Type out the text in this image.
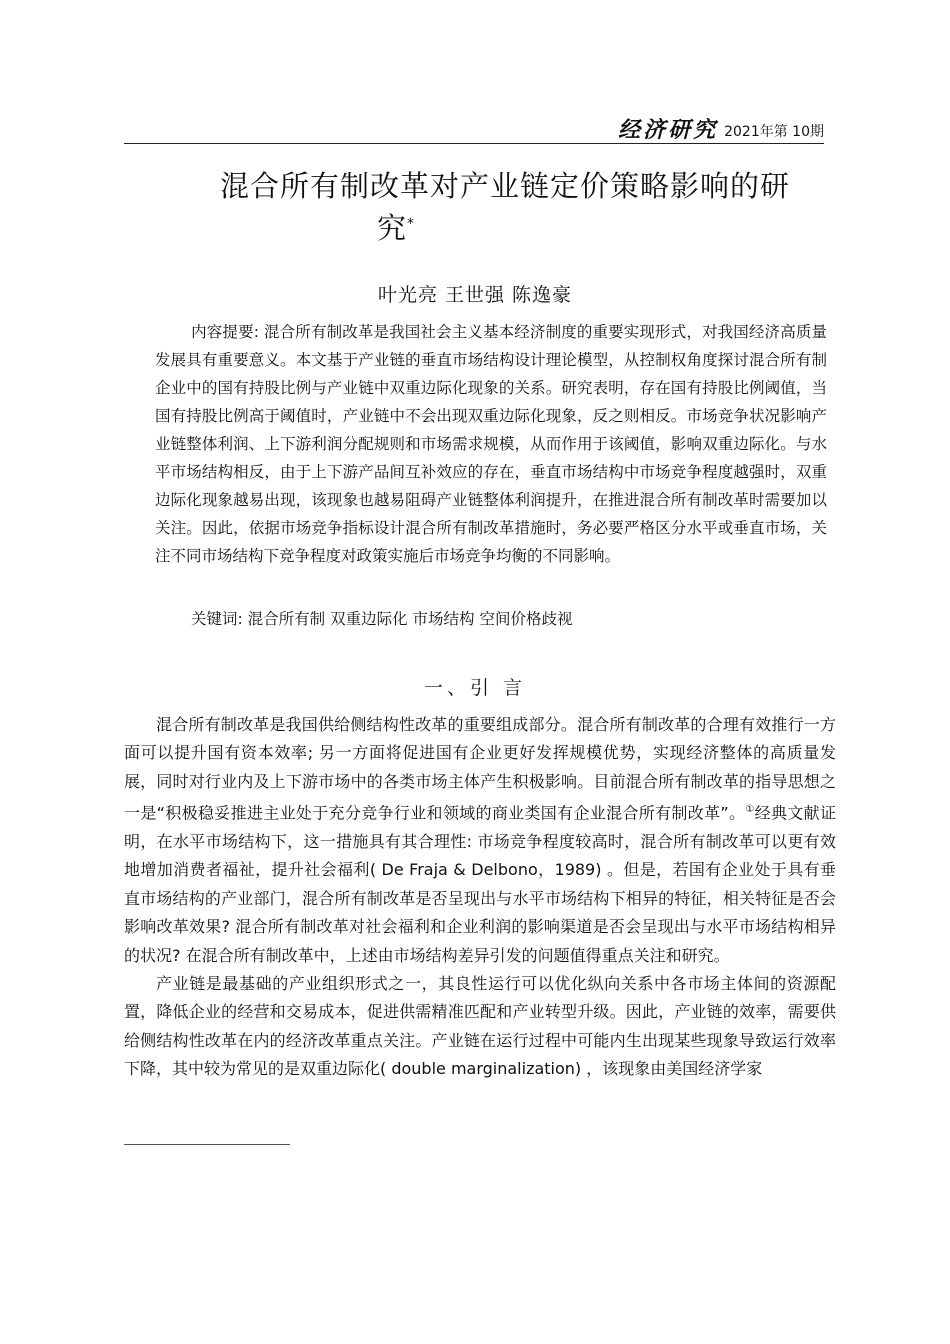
经济研究 2021年第 10期
混合所有制改革对产业链定价策略影响的研
究*
叶光亮 王世强 陈逸豪

内容提要: 混合所有制改革是我国社会主义基本经济制度的重要实现形式，对我国经济高质量发展具有重要意义。本文基于产业链的垂直市场结构设计理论模型，从控制权角度探讨混合所有制企业中的国有持股比例与产业链中双重边际化现象的关系。研究表明，存在国有持股比例阈值，当国有持股比例高于阈值时，产业链中不会出现双重边际化现象，反之则相反。市场竞争状况影响产业链整体利润、上下游利润分配规则和市场需求规模，从而作用于该阈值，影响双重边际化。与水平市场结构相反，由于上下游产品间互补效应的存在，垂直市场结构中市场竞争程度越强时，双重边际化现象越易出现，该现象也越易阻碍产业链整体利润提升，在推进混合所有制改革时需要加以关注。因此，依据市场竞争指标设计混合所有制改革措施时，务必要严格区分水平或垂直市场，关注不同市场结构下竞争程度对政策实施后市场竞争均衡的不同影响。

关键词: 混合所有制 双重边际化 市场结构 空间价格歧视
一、引 言

混合所有制改革是我国供给侧结构性改革的重要组成部分。混合所有制改革的合理有效推行一方面可以提升国有资本效率; 另一方面将促进国有企业更好发挥规模优势，实现经济整体的高质量发展，同时对行业内及上下游市场中的各类市场主体产生积极影响。目前混合所有制改革的指导思想之一是“积极稳妥推进主业处于充分竞争行业和领域的商业类国有企业混合所有制改革”。①经典文献证明，在水平市场结构下，这一措施具有其合理性: 市场竞争程度较高时，混合所有制改革可以更有效地增加消费者福祉，提升社会福利( De Fraja & Delbono，1989) 。但是，若国有企业处于具有垂直市场结构的产业部门，混合所有制改革是否呈现出与水平市场结构下相异的特征，相关特征是否会影响改革效果? 混合所有制改革对社会福利和企业利润的影响渠道是否会呈现出与水平市场结构相异的状况? 在混合所有制改革中，上述由市场结构差异引发的问题值得重点关注和研究。

产业链是最基础的产业组织形式之一，其良性运行可以优化纵向关系中各市场主体间的资源配置，降低企业的经营和交易成本，促进供需精准匹配和产业转型升级。因此，产业链的效率，需要供给侧结构性改革在内的经济改革重点关注。产业链在运行过程中可能内生出现某些现象导致运行效率下降，其中较为常见的是双重边际化( double marginalization) ，该现象由美国经济学家
